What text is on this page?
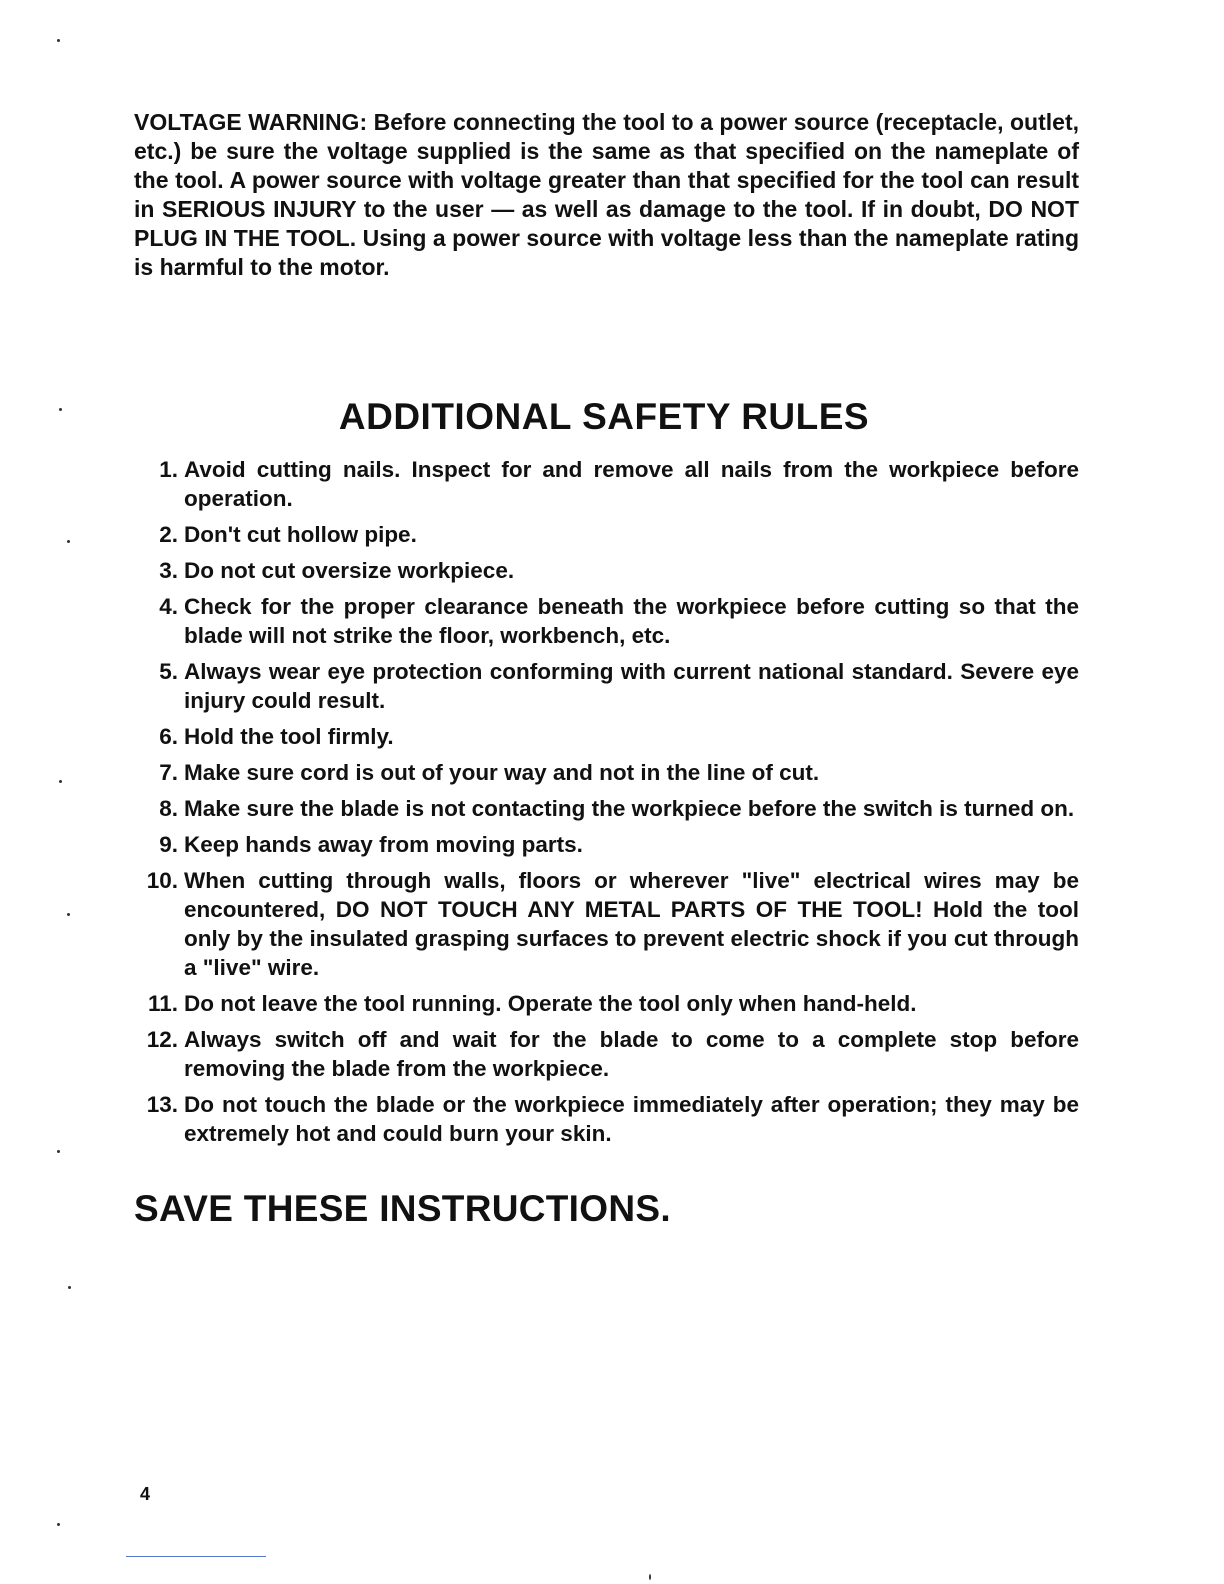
VOLTAGE WARNING: Before connecting the tool to a power source (receptacle, outlet, etc.) be sure the voltage supplied is the same as that specified on the nameplate of the tool. A power source with voltage greater than that specified for the tool can result in SERIOUS INJURY to the user — as well as damage to the tool. If in doubt, DO NOT PLUG IN THE TOOL. Using a power source with voltage less than the nameplate rating is harmful to the motor.
ADDITIONAL SAFETY RULES
1. Avoid cutting nails. Inspect for and remove all nails from the workpiece before operation.
2. Don't cut hollow pipe.
3. Do not cut oversize workpiece.
4. Check for the proper clearance beneath the workpiece before cutting so that the blade will not strike the floor, workbench, etc.
5. Always wear eye protection conforming with current national standard. Severe eye injury could result.
6. Hold the tool firmly.
7. Make sure cord is out of your way and not in the line of cut.
8. Make sure the blade is not contacting the workpiece before the switch is turned on.
9. Keep hands away from moving parts.
10. When cutting through walls, floors or wherever "live" electrical wires may be encountered, DO NOT TOUCH ANY METAL PARTS OF THE TOOL! Hold the tool only by the insulated grasping surfaces to prevent electric shock if you cut through a "live" wire.
11. Do not leave the tool running. Operate the tool only when hand-held.
12. Always switch off and wait for the blade to come to a complete stop before removing the blade from the workpiece.
13. Do not touch the blade or the workpiece immediately after operation; they may be extremely hot and could burn your skin.
SAVE THESE INSTRUCTIONS.
4
